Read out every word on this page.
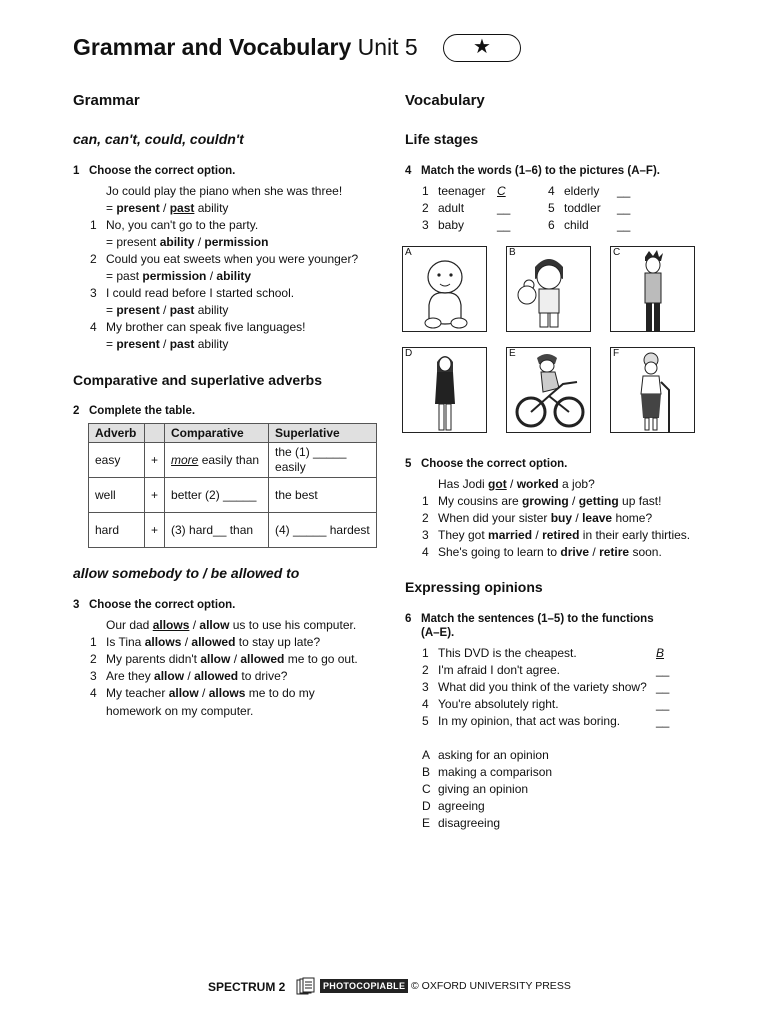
Grammar and Vocabulary Unit 5	★
Grammar
can, can't, could, couldn't
1 Choose the correct option.
Jo could play the piano when she was three!
= present / past ability
1 No, you can't go to the party.
= present ability / permission
2 Could you eat sweets when you were younger?
= past permission / ability
3 I could read before I started school.
= present / past ability
4 My brother can speak five languages!
= present / past ability
Comparative and superlative adverbs
2 Complete the table.
Adverb		Comparative	Superlative
easy	+	more easily than	the (1) _____ easily
well	+	better (2) _____	the best
hard	+	(3) hard__ than	(4) _____ hardest
allow somebody to / be allowed to
3 Choose the correct option.
Our dad allows / allow us to use his computer.
1 Is Tina allows / allowed to stay up late?
2 My parents didn't allow / allowed me to go out.
3 Are they allow / allowed to drive?
4 My teacher allow / allows me to do my
homework on my computer.
Vocabulary
Life stages
4 Match the words (1–6) to the pictures (A–F).
1 teenager C
2 adult	__
3 baby	__
4 elderly __
5 toddler __
6 child __
A	B	C
D	E	F
5 Choose the correct option.
Has Jodi got / worked a job?
1 My cousins are growing / getting up fast!
2 When did your sister buy / leave home?
3 They got married / retired in their early thirties.
4 She's going to learn to drive / retire soon.
Expressing opinions
6 Match the sentences (1–5) to the functions
(A–E).
1 This DVD is the cheapest.	B
2 I'm afraid I don't agree.	__
3 What did you think of the variety show? __
4 You're absolutely right.	__
5 In my opinion, that act was boring.	__
A asking for an opinion
B making a comparison
C giving an opinion
D agreeing
E disagreeing
SPECTRUM 2	PHOTOCOPIABLE © OXFORD UNIVERSITY PRESS
